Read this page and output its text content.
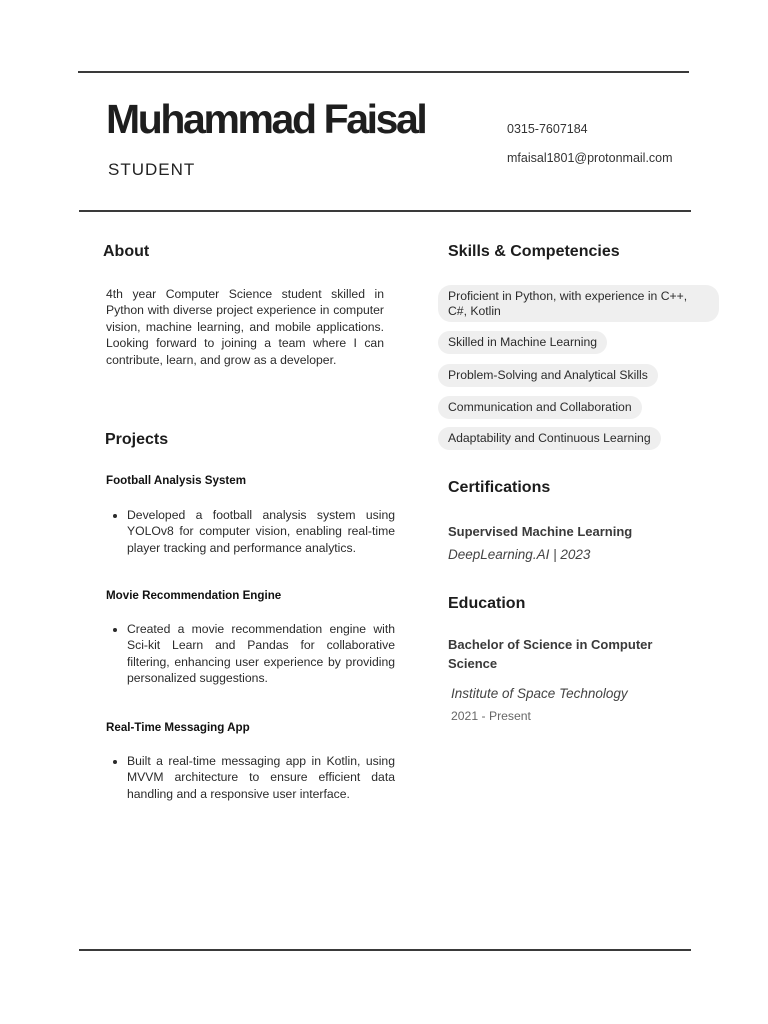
Muhammad Faisal
STUDENT
0315-7607184
mfaisal1801@protonmail.com
About

4th year Computer Science student skilled in Python with diverse project experience in computer vision, machine learning, and mobile applications. Looking forward to joining a team where I can contribute, learn, and grow as a developer.

Projects
Football Analysis System
• Developed a football analysis system using YOLOv8 for computer vision, enabling real-time player tracking and performance analytics.
Movie Recommendation Engine
• Created a movie recommendation engine with Sci-kit Learn and Pandas for collaborative filtering, enhancing user experience by providing personalized suggestions.
Real-Time Messaging App
• Built a real-time messaging app in Kotlin, using MVVM architecture to ensure efficient data handling and a responsive user interface.
Skills & Competencies
Proficient in Python, with experience in C++, C#, Kotlin
Skilled in Machine Learning
Problem-Solving and Analytical Skills
Communication and Collaboration
Adaptability and Continuous Learning
Certifications
Supervised Machine Learning
DeepLearning.AI | 2023
Education
Bachelor of Science in Computer Science
Institute of Space Technology
2021 - Present
